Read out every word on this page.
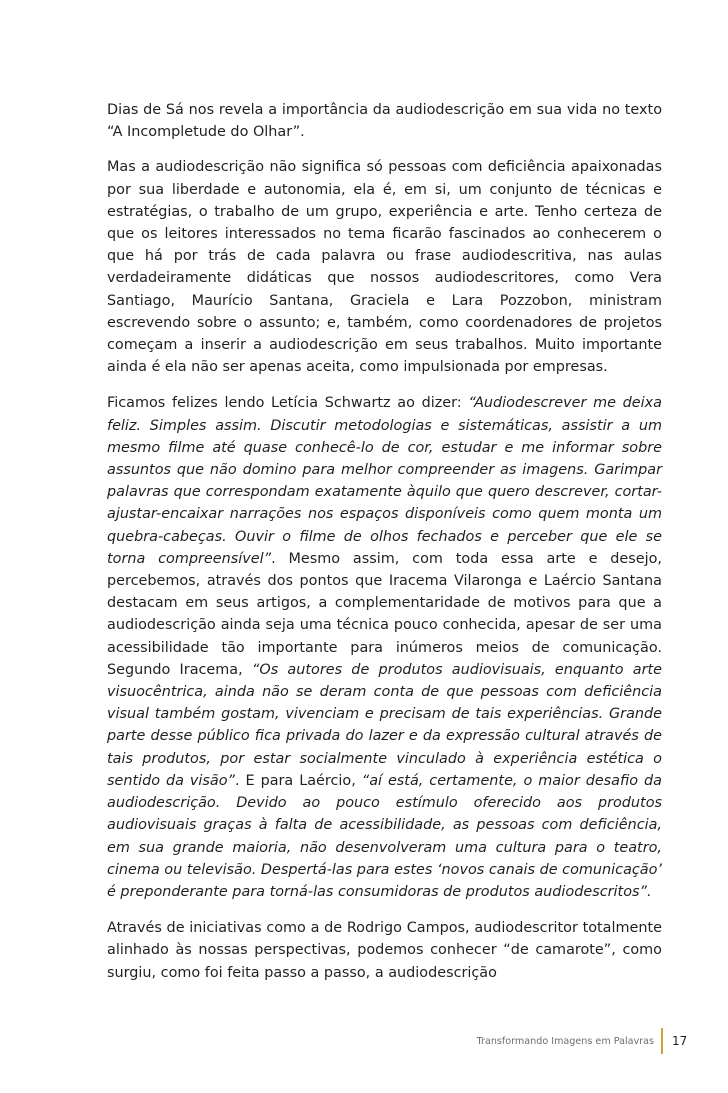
Dias de Sá nos revela a importância da audiodescrição em sua vida no texto “A Incompletude do Olhar”.

Mas a audiodescrição não significa só pessoas com deficiência apaixonadas por sua liberdade e autonomia, ela é, em si, um conjunto de técnicas e estratégias, o trabalho de um grupo, experiência e arte. Tenho certeza de que os leitores interessados no tema ficarão fascinados ao conhecerem o que há por trás de cada palavra ou frase audiodescritiva, nas aulas verdadeiramente didáticas que nossos audiodescritores, como Vera Santiago, Maurício Santana, Graciela e Lara Pozzobon, ministram escrevendo sobre o assunto; e, também, como coordenadores de projetos começam a inserir a audiodescrição em seus trabalhos. Muito importante ainda é ela não ser apenas aceita, como impulsionada por empresas.

Ficamos felizes lendo Letícia Schwartz ao dizer: “Audiodescrever me deixa feliz. Simples assim. Discutir metodologias e sistemáticas, assistir a um mesmo filme até quase conhecê-lo de cor, estudar e me informar sobre assuntos que não domino para melhor compreender as imagens. Garimpar palavras que correspondam exatamente àquilo que quero descrever, cortar-ajustar-encaixar narrações nos espaços disponíveis como quem monta um quebra-cabeças. Ouvir o filme de olhos fechados e perceber que ele se torna compreensível”. Mesmo assim, com toda essa arte e desejo, percebemos, através dos pontos que Iracema Vilaronga e Laércio Santana destacam em seus artigos, a complementaridade de motivos para que a audiodescrição ainda seja uma técnica pouco conhecida, apesar de ser uma acessibilidade tão importante para inúmeros meios de comunicação. Segundo Iracema, “Os autores de produtos audiovisuais, enquanto arte visuocêntrica, ainda não se deram conta de que pessoas com deficiência visual também gostam, vivenciam e precisam de tais experiências. Grande parte desse público fica privada do lazer e da expressão cultural através de tais produtos, por estar socialmente vinculado à experiência estética o sentido da visão”. E para Laércio, “aí está, certamente, o maior desafio da audiodescrição. Devido ao pouco estímulo oferecido aos produtos audiovisuais graças à falta de acessibilidade, as pessoas com deficiência, em sua grande maioria, não desenvolveram uma cultura para o teatro, cinema ou televisão. Despertá-las para estes ‘novos canais de comunicação’ é preponderante para torná-las consumidoras de produtos audiodescritos”.

Através de iniciativas como a de Rodrigo Campos, audiodescritor totalmente alinhado às nossas perspectivas, podemos conhecer “de camarote”, como surgiu, como foi feita passo a passo, a audiodescrição

Transformando Imagens em Palavras 17
